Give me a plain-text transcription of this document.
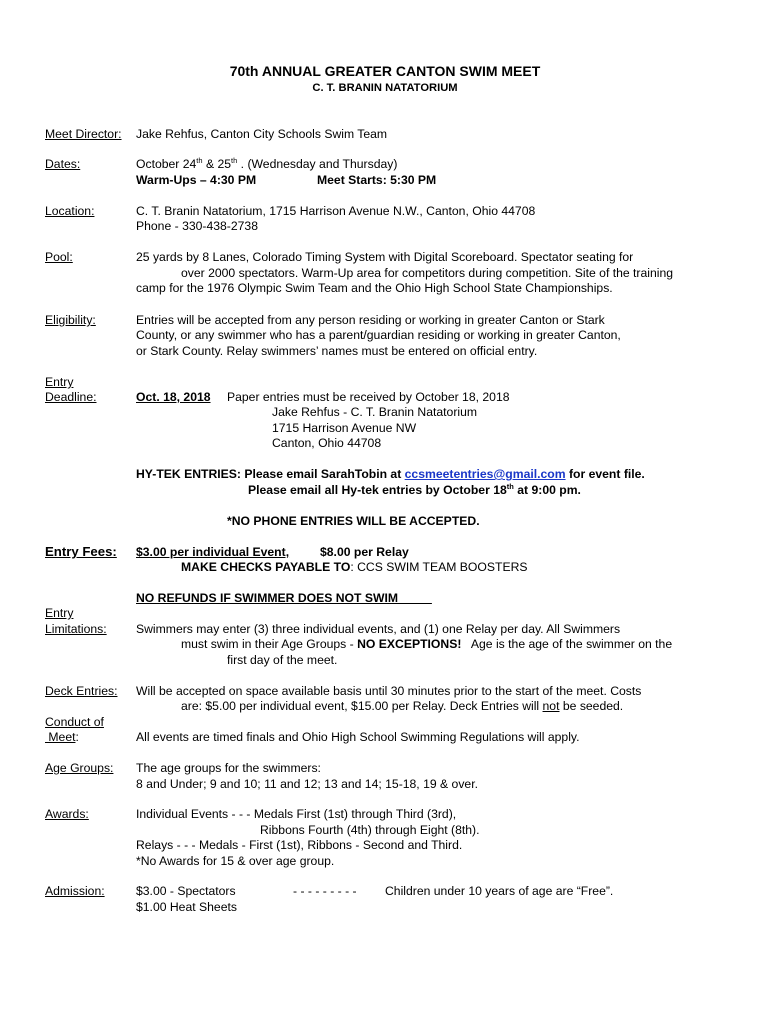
70th ANNUAL GREATER CANTON SWIM MEET
C. T. BRANIN NATATORIUM
Meet Director: Jake Rehfus, Canton City Schools Swim Team
Dates:	October 24th & 25th . (Wednesday and Thursday)
Warm-Ups – 4:30 PM	Meet Starts: 5:30 PM
Location:	C. T. Branin Natatorium, 1715 Harrison Avenue N.W., Canton, Ohio 44708
Phone - 330-438-2738
Pool:	25 yards by 8 Lanes, Colorado Timing System with Digital Scoreboard. Spectator seating for
over 2000 spectators. Warm-Up area for competitors during competition. Site of the training
camp for the 1976 Olympic Swim Team and the Ohio High School State Championships.
Eligibility:	Entries will be accepted from any person residing or working in greater Canton or Stark
County, or any swimmer who has a parent/guardian residing or working in greater Canton,
or Stark County. Relay swimmers’ names must be entered on official entry.
Entry
Deadline:	Oct. 18, 2018 Paper entries must be received by October 18, 2018
Jake Rehfus - C. T. Branin Natatorium
1715 Harrison Avenue NW
Canton, Ohio 44708
HY-TEK ENTRIES: Please email SarahTobin at ccsmeetentries@gmail.com for event file.
Please email all Hy-tek entries by October 18th at 9:00 pm.
*NO PHONE ENTRIES WILL BE ACCEPTED.
Entry Fees: $3.00 per individual Event,	$8.00 per Relay
MAKE CHECKS PAYABLE TO: CCS SWIM TEAM BOOSTERS
NO REFUNDS IF SWIMMER DOES NOT SWIM
Entry
Limitations: Swimmers may enter (3) three individual events, and (1) one Relay per day. All Swimmers
must swim in their Age Groups - NO EXCEPTIONS!   Age is the age of the swimmer on the
first day of the meet.
Deck Entries: Will be accepted on space available basis until 30 minutes prior to the start of the meet. Costs
are: $5.00 per individual event, $15.00 per Relay. Deck Entries will not be seeded.
Conduct of
Meet:	All events are timed finals and Ohio High School Swimming Regulations will apply.
Age Groups: The age groups for the swimmers:
8 and Under; 9 and 10; 11 and 12; 13 and 14; 15-18, 19 & over.
Awards:	Individual Events - - - Medals First (1st) through Third (3rd),
Ribbons Fourth (4th) through Eight (8th).
Relays - - - Medals - First (1st), Ribbons - Second and Third.
*No Awards for 15 & over age group.
Admission:	$3.00 - Spectators	- - - - - - - - - Children under 10 years of age are “Free”.
$1.00 Heat Sheets
